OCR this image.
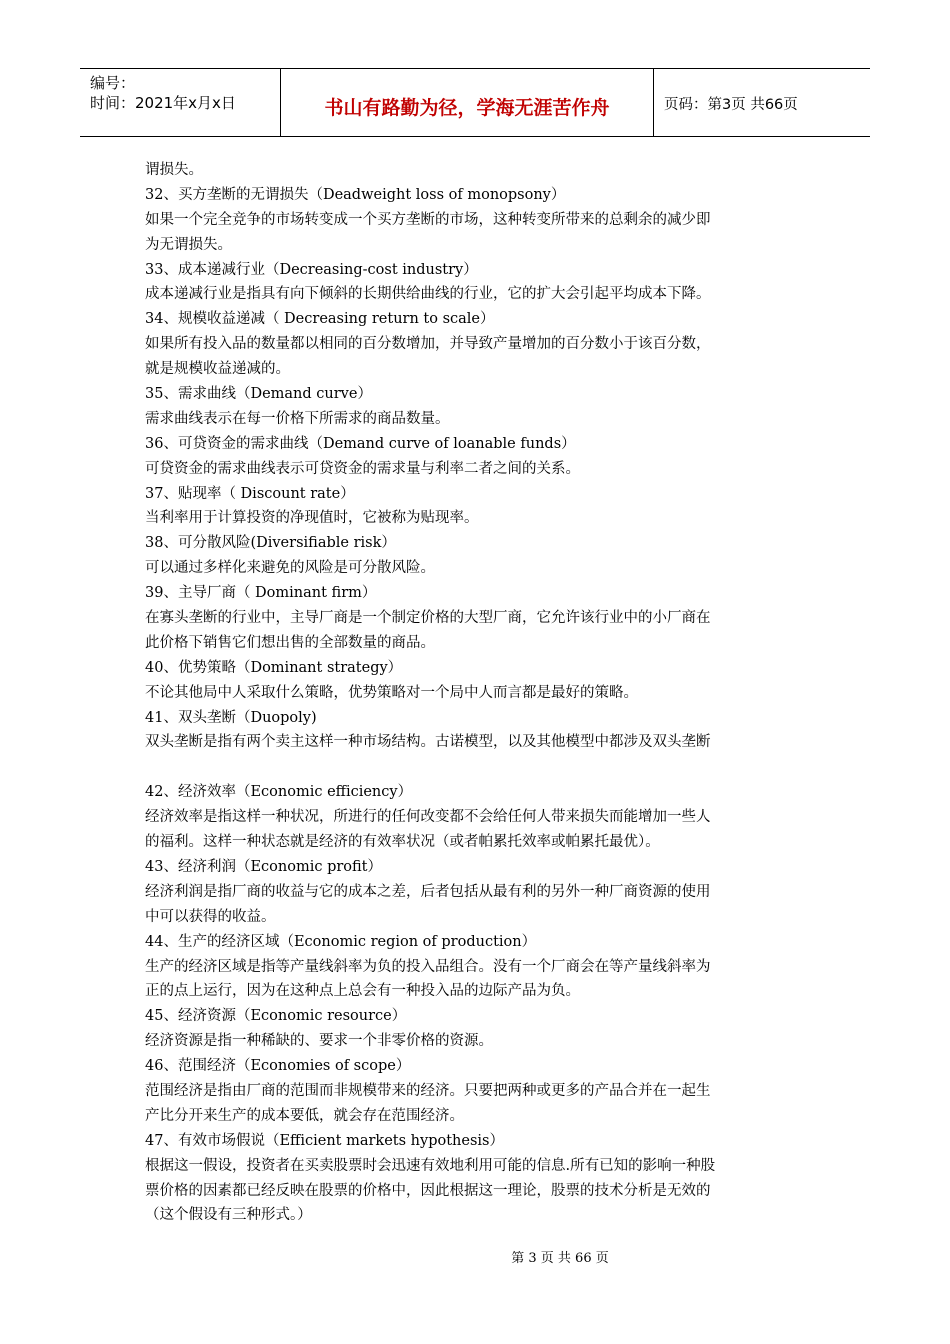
编号：
时间：2021年x月x日	书山有路勤为径，学海无涯苦作舟	页码：第3页 共66页
谓损失。
32、买方垄断的无谓损失（Deadweight loss of monopsony）
如果一个完全竞争的市场转变成一个买方垄断的市场，这种转变所带来的总剩余的减少即
为无谓损失。
33、成本递减行业（Decreasing-cost industry）
成本递减行业是指具有向下倾斜的长期供给曲线的行业，它的扩大会引起平均成本下降。
34、规模收益递减（ Decreasing return to scale）
如果所有投入品的数量都以相同的百分数增加，并导致产量增加的百分数小于该百分数，
就是规模收益递减的。
35、需求曲线（Demand curve）
需求曲线表示在每一价格下所需求的商品数量。
36、可贷资金的需求曲线（Demand curve of loanable funds）
可贷资金的需求曲线表示可贷资金的需求量与利率二者之间的关系。
37、贴现率（ Discount rate）
当利率用于计算投资的净现值时，它被称为贴现率。
38、可分散风险(Diversifiable risk）
可以通过多样化来避免的风险是可分散风险。
39、主导厂商（ Dominant firm）
在寡头垄断的行业中，主导厂商是一个制定价格的大型厂商，它允许该行业中的小厂商在
此价格下销售它们想出售的全部数量的商品。
40、优势策略（Dominant strategy）
不论其他局中人采取什么策略，优势策略对一个局中人而言都是最好的策略。
41、双头垄断（Duopoly)
双头垄断是指有两个卖主这样一种市场结构。古诺模型，以及其他模型中都涉及双头垄断
42、经济效率（Economic efficiency）
经济效率是指这样一种状况，所进行的任何改变都不会给任何人带来损失而能增加一些人
的福利。这样一种状态就是经济的有效率状况（或者帕累托效率或帕累托最优）。
43、经济利润（Economic profit）
经济利润是指厂商的收益与它的成本之差，后者包括从最有利的另外一种厂商资源的使用
中可以获得的收益。
44、生产的经济区域（Economic region of production）
生产的经济区域是指等产量线斜率为负的投入品组合。没有一个厂商会在等产量线斜率为
正的点上运行，因为在这种点上总会有一种投入品的边际产品为负。
45、经济资源（Economic resource）
经济资源是指一种稀缺的、要求一个非零价格的资源。
46、范围经济（Economies of scope）
范围经济是指由厂商的范围而非规模带来的经济。只要把两种或更多的产品合并在一起生
产比分开来生产的成本要低，就会存在范围经济。
47、有效市场假说（Efficient markets hypothesis）
根据这一假设，投资者在买卖股票时会迅速有效地利用可能的信息.所有已知的影响一种股
票价格的因素都已经反映在股票的价格中，因此根据这一理论，股票的技术分析是无效的
（这个假设有三种形式。）
第 3 页 共 66 页
